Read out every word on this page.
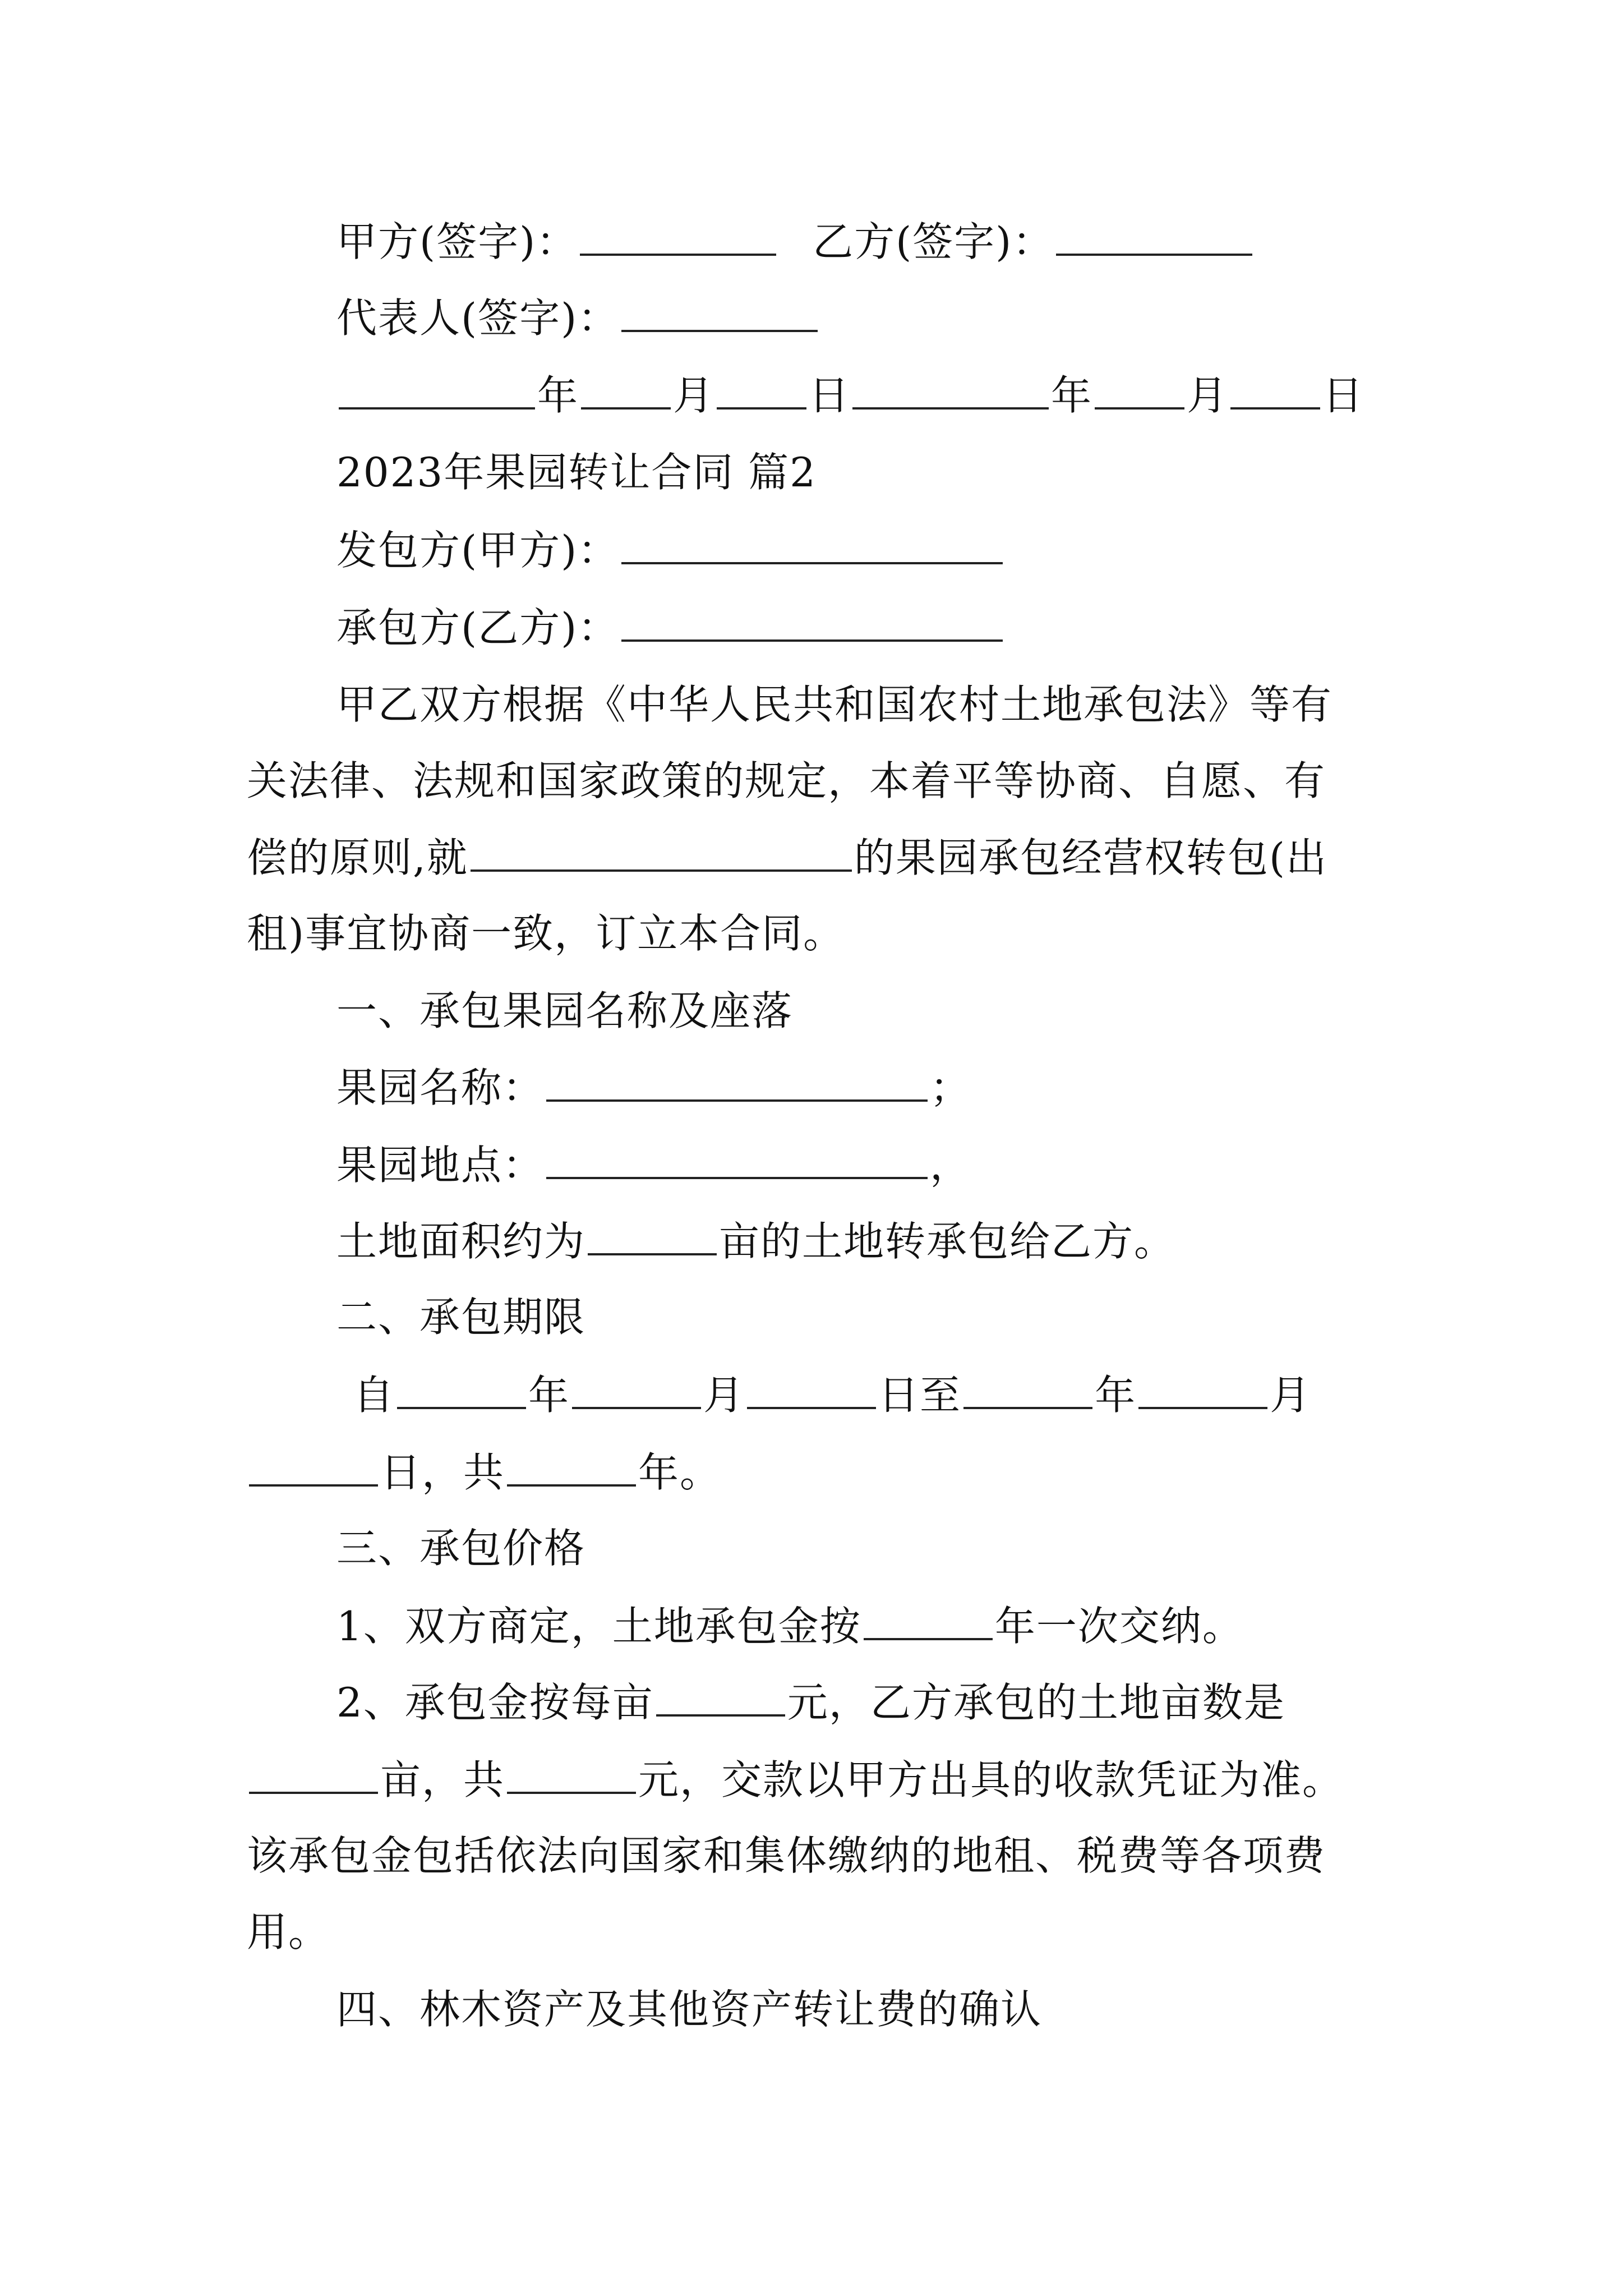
甲方(签字)：	乙方(签字)：
代表人(签字)：
年 月 日	年 月 日
2023年果园转让合同 篇2
发包方(甲方)：
承包方(乙方)：
甲乙双方根据《中华人民共和国农村土地承包法》等有
关法律、法规和国家政策的规定，本着平等协商、自愿、有
偿的原则,就	的果园承包经营权转包(出
租)事宜协商一致，订立本合同。
一、承包果园名称及座落
果园名称：	；
果园地点：	，
土地面积约为	亩的土地转承包给乙方。
二、承包期限
自	年	月	日至	年	月
日，共	年。
三、承包价格
1、双方商定，土地承包金按	年一次交纳。
2、承包金按每亩	元，乙方承包的土地亩数是
亩，共	元，交款以甲方出具的收款凭证为准。
该承包金包括依法向国家和集体缴纳的地租、税费等各项费
用。
四、林木资产及其他资产转让费的确认
